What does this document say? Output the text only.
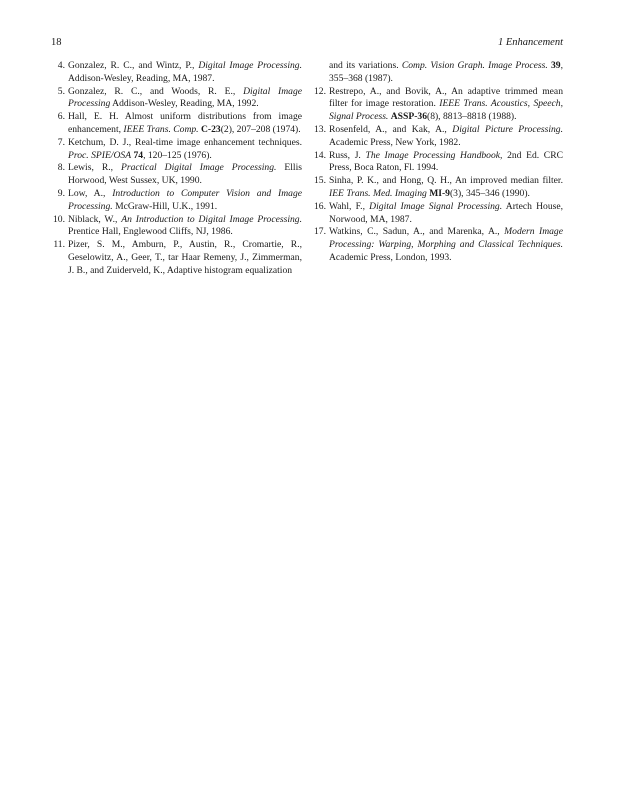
18	1 Enhancement

4. Gonzalez, R. C., and Wintz, P., Digital Image Processing. Addison-Wesley, Reading, MA, 1987.

5. Gonzalez, R. C., and Woods, R. E., Digital Image Processing Addison-Wesley, Reading, MA, 1992.

6. Hall, E. H. Almost uniform distributions from image enhancement, IEEE Trans. Comp. C-23(2), 207–208 (1974).

7. Ketchum, D. J., Real-time image enhancement techniques. Proc. SPIE/OSA 74, 120–125 (1976).

8. Lewis, R., Practical Digital Image Processing. Ellis Horwood, West Sussex, UK, 1990.

9. Low, A., Introduction to Computer Vision and Image Processing. McGraw-Hill, U.K., 1991.

10. Niblack, W., An Introduction to Digital Image Processing. Prentice Hall, Englewood Cliffs, NJ, 1986.

11. Pizer, S. M., Amburn, P., Austin, R., Cromartie, R., Geselowitz, A., Geer, T., tar Haar Remeny, J., Zimmerman, J. B., and Zuiderveld, K., Adaptive histogram equalization

and its variations. Comp. Vision Graph. Image Process. 39, 355–368 (1987).

12. Restrepo, A., and Bovik, A., An adaptive trimmed mean filter for image restoration. IEEE Trans. Acoustics, Speech, Signal Process. ASSP-36(8), 8813–8818 (1988).

13. Rosenfeld, A., and Kak, A., Digital Picture Processing. Academic Press, New York, 1982.

14. Russ, J. The Image Processing Handbook, 2nd Ed. CRC Press, Boca Raton, Fl. 1994.

15. Sinha, P. K., and Hong, Q. H., An improved median filter. IEE Trans. Med. Imaging MI-9(3), 345–346 (1990).

16. Wahl, F., Digital Image Signal Processing. Artech House, Norwood, MA, 1987.

17. Watkins, C., Sadun, A., and Marenka, A., Modern Image Processing: Warping, Morphing and Classical Techniques. Academic Press, London, 1993.
